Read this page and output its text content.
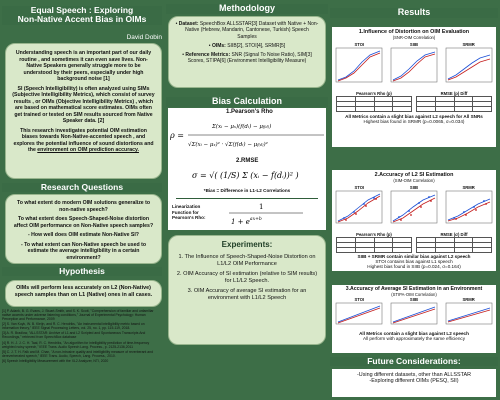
Equal Speech : Exploring
Non-Native Accent Bias in OIMs
David Dobin

Understanding speech is an important part of our daily routine , and sometimes it can even save lives. Non-Native Speakers generally struggle more to be understood by their peers, especially under high background noise [1]

SI (Speech Intelligibility) is often analyzed using SIMs (Subjective Intelligibility Metrics), which consist of survey results , or OIMs (Objective Intelligibility Metrics) , which are based on mathematical score estimates. OIMs often get trained or tested on SIM results sourced from Native Speaker data. [2]

This research investigates potential OIM estimation biases towards Non-Native-accented speech , and explores the potential influence of sound distortions and the environment on OIM prediction accuracy.

Research Questions

To what extent do modern OIM solutions generalize to non-native speech?

To what extent does Speech-Shaped-Noise distortion affect OIM performance on Non-Native speech samples?

- How well does OIM estimate Non-Native SI?

- To what extent can Non-Native speech be used to estimate the average intelligibility in a certain environment?

Hypothesis

OIMs will perform less accurately on L2 (Non-Native) speech samples than on L1 (Native) ones in all cases.

[1] P. Adank, B. G. Evans, J. Stuart-Smith, and S. K. Scott, "Comprehension of familiar and unfamiliar native accents under adverse listening conditions," Journal of Experimental Psychology: Human Perception and Performance, 2009
[2] S. Van Kuyk, W. B. Kleijn, and R. C. Hendriks, "An instrumental intelligibility metric based on information theory," IEEE Signal Processing Letters, vol. 25, no. 1, pp. 115-119, 2018.
[3] A. R. Bradlow, "ALLSSTAR: Archive of L1 and L2 Scripted and Spontaneous Transcripts And Recordings," retrieved from SpeechBox database
[4] R. H. J. J. C. H. Taal, R. C. Hendriks, "An algorithm for intelligibility prediction of time-frequency weighted noisy speech," IEEE Trans. Audio Speech Lang. Process., p. 2125-2136,2011
[5] C. J. T. H. Falk and M. Chan, "A non-intrusive quality and intelligibility measure of reverberant and dereverberated speech," IEEE Trans. Audio, Speech, Lang. Process., 2010.
[6] Speech Intelligibility Measurement with the XL2 Analyzer, NTI, 2020
Methodology

• Dataset: SpeechBox ALLSSTAR[3] Dataset with Native + Non-Native (Hebrew, Mandarin, Cantonese, Turkish) Speech Samples

• OIMs: SIIB[2], STOI[4], SRMR[5]

• Reference Metrics: SNR (Signal To Noise Ratio), SIM[3] Scores, STIPA[6] (Environment Intelligibility Measure)

Bias Calculation
1.Pearson's Rho
ρ =
Σ(xi − μx)(f(di) − μf(d))
√Σ(xi − μx)² · √Σ(f(di) − μf(d))²
2.RMSE
σ = √( (1/S) Σ (xi − f(di))² )
*Bias = Difference in L1-L2 Correlations
Linearization Function for Pearson's Rho:
1
$1 + e^{ax+b}$
Experiments:

1. The Influence of Speech-Shaped-Noise Distortion on L1/L2 OIM Performance

2. OIM Accuracy of SI estimation (relative to SIM results) for L1/L2 Speech.

3. OIM Accuracy of average SI estimation for an environment with L1/L2 Speech

Results
1.Influence of Distortion on OIM Evaluation
(SNR-OIM Correlation)
STOI	SIIB	SRMR
Pearson's Rho (p)

				RMSE (p) Diff

All Metrics contain a slight bias against L2 speech for All SNRs
Highest bias found in SRMR (p=0.0065, σ=0.034)
2.Accuracy of L2 SI Estimation
(SIM-OIM Correlation)
STOI	SIIB	SRMR
Pearson's Rho (p)

				RMSE (σ) Diff

SIIB + SRMR contain similar bias against L2 speech
STOI contains bias against L1 speech
Highest bias found in SIIB (p=0.024, σ=0.164)
3.Accuracy of Average SI Estimation in an Environment
(STIPA-OIM Correlation)
STOI	SIIB	SRMR
All Metrics contain a slight bias against L2 speech
All perform with approximately the same efficiency
Future Considerations:
-Using different datasets, other than ALLSSTAR
-Exploring different OIMs (PESQ, SII)
